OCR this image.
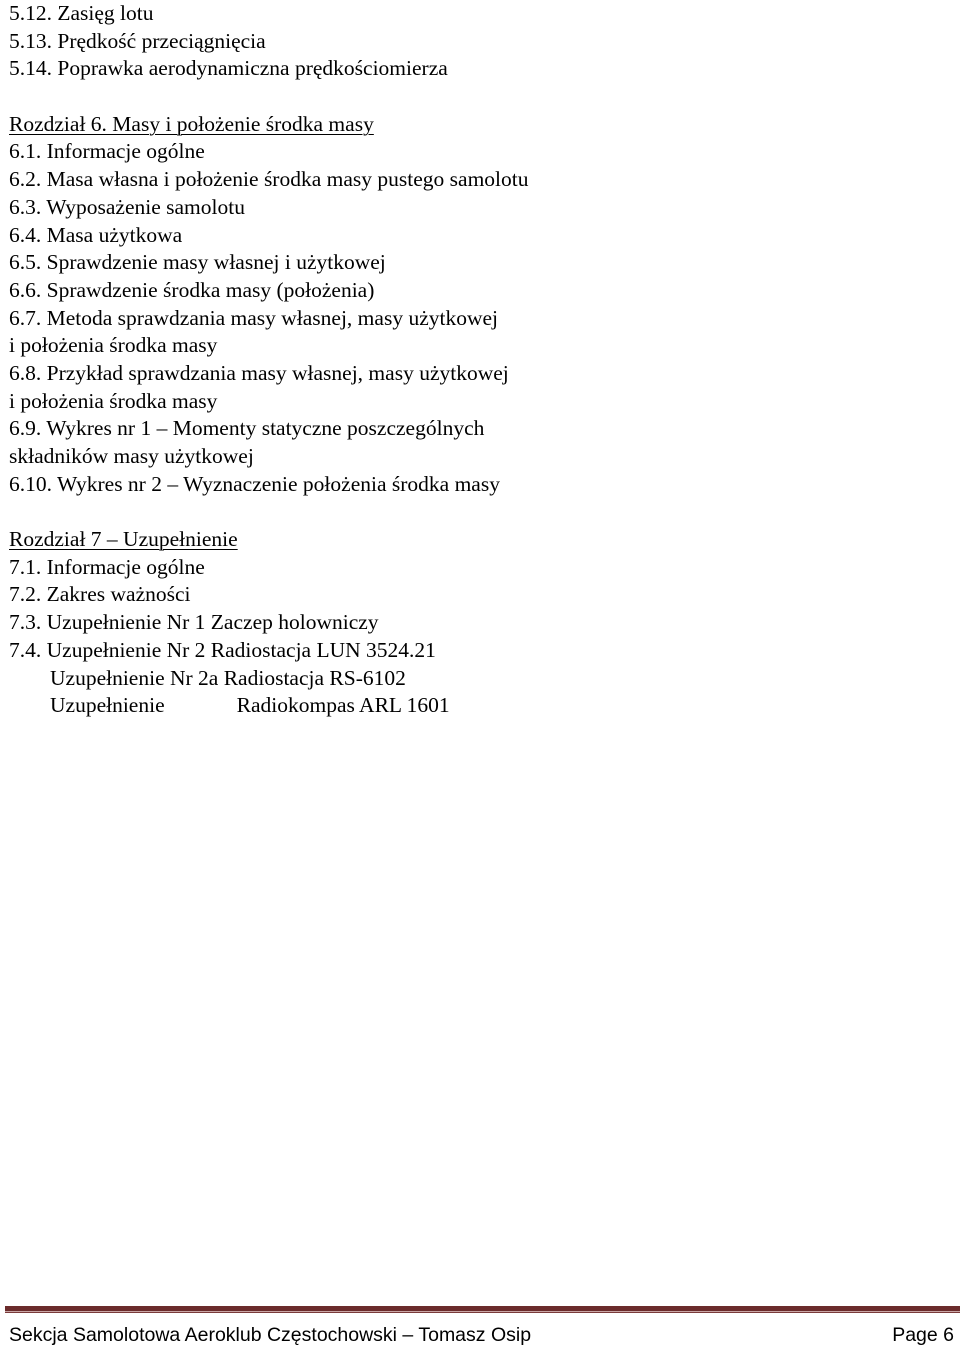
5.12. Zasięg lotu
5.13. Prędkość przeciągnięcia
5.14. Poprawka aerodynamiczna prędkościomierza
Rozdział 6. Masy i położenie środka masy
6.1. Informacje ogólne
6.2. Masa własna i położenie środka masy pustego samolotu
6.3. Wyposażenie samolotu
6.4. Masa użytkowa
6.5. Sprawdzenie masy własnej i użytkowej
6.6. Sprawdzenie środka masy (położenia)
6.7. Metoda sprawdzania masy własnej, masy użytkowej
i położenia środka masy
6.8. Przykład sprawdzania masy własnej, masy użytkowej
i położenia środka masy
6.9. Wykres nr 1 – Momenty statyczne poszczególnych
składników masy użytkowej
6.10. Wykres nr 2 – Wyznaczenie położenia środka masy
Rozdział 7 – Uzupełnienie
7.1. Informacje ogólne
7.2. Zakres ważności
7.3. Uzupełnienie Nr 1 Zaczep holowniczy
7.4. Uzupełnienie Nr 2 Radiostacja LUN 3524.21
Uzupełnienie Nr 2a Radiostacja RS-6102
Uzupełnienie	Radiokompas ARL 1601
Sekcja Samolotowa Aeroklub Częstochowski – Tomasz Osip	Page 6
